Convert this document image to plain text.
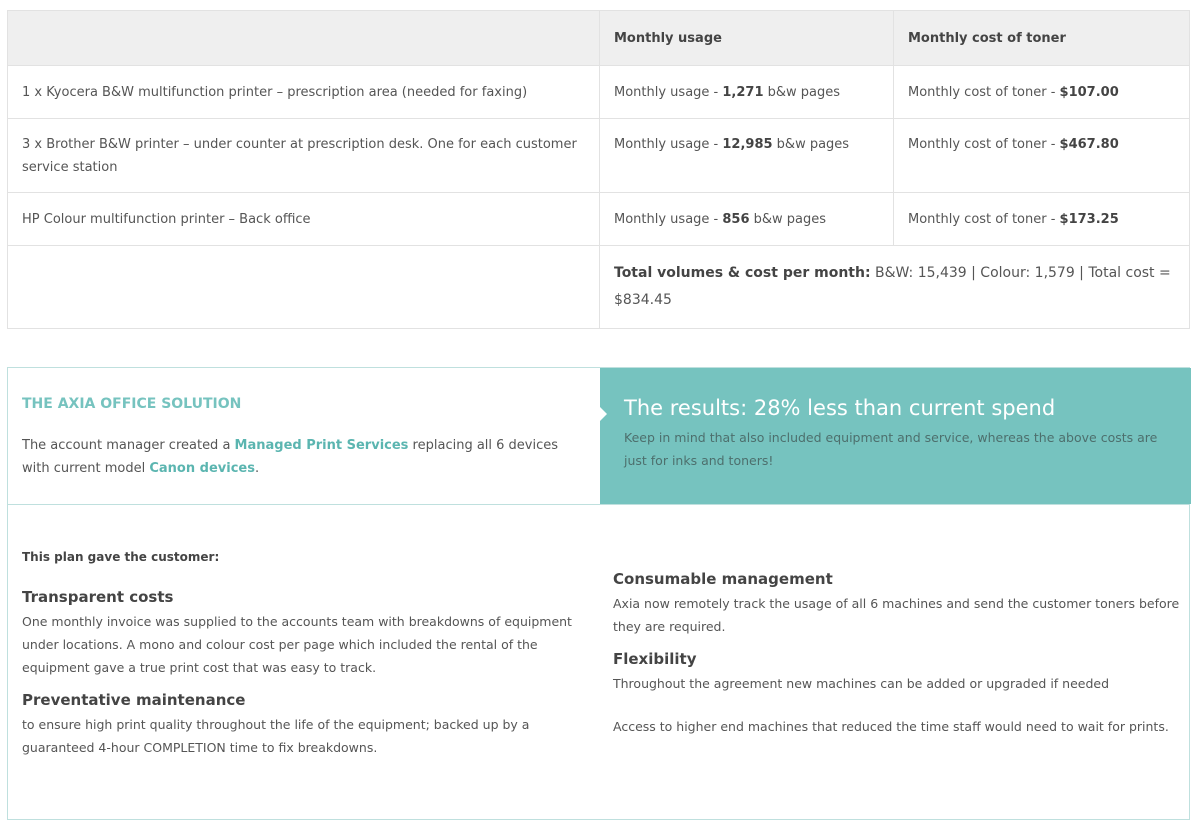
	Monthly usage	Monthly cost of toner
1 x Kyocera B&W multifunction printer – prescription area (needed for faxing)	Monthly usage - 1,271 b&w pages	Monthly cost of toner - $107.00
3 x Brother B&W printer – under counter at prescription desk. One for each customer service station	Monthly usage - 12,985 b&w pages	Monthly cost of toner - $467.80
HP Colour multifunction printer – Back office	Monthly usage - 856 b&w pages	Monthly cost of toner - $173.25
	Total volumes & cost per month: B&W: 15,439 | Colour: 1,579 | Total cost = $834.45	
THE AXIA OFFICE SOLUTION

The account manager created a Managed Print Services replacing all 6 devices with current model Canon devices.

The results: 28% less than current spend

Keep in mind that also included equipment and service, whereas the above costs are just for inks and toners!

This plan gave the customer:
Transparent costs

One monthly invoice was supplied to the accounts team with breakdowns of equipment under locations. A mono and colour cost per page which included the rental of the equipment gave a true print cost that was easy to track.

Preventative maintenance

to ensure high print quality throughout the life of the equipment; backed up by a guaranteed 4-hour COMPLETION time to fix breakdowns.

Consumable management

Axia now remotely track the usage of all 6 machines and send the customer toners before they are required.

Flexibility

Throughout the agreement new machines can be added or upgraded if needed

Access to higher end machines that reduced the time staff would need to wait for prints.
